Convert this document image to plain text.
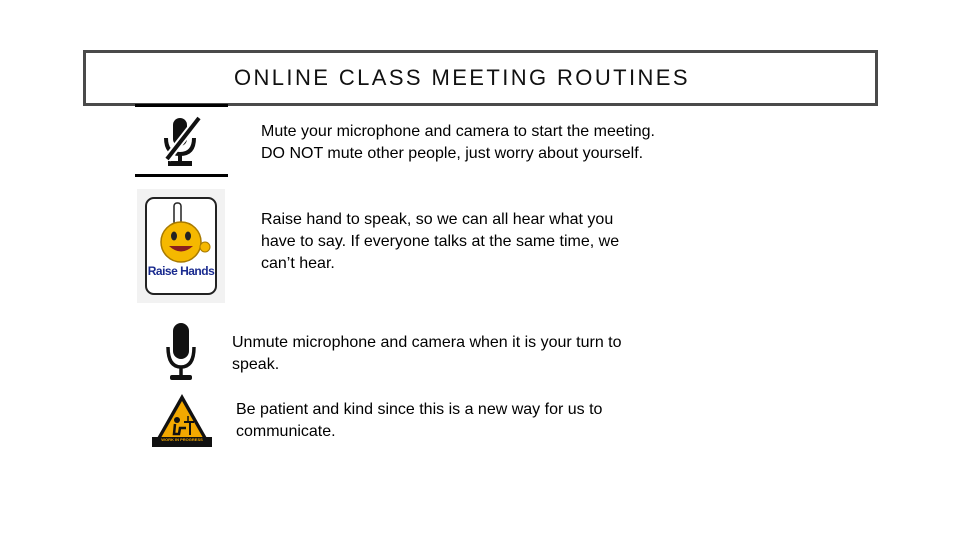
ONLINE CLASS MEETING ROUTINES
Mute your microphone and camera to start the meeting.
DO NOT mute other people, just worry about yourself.
Raise Hands
Raise hand to speak, so we can all hear what you
have to say. If everyone talks at the same time, we
can’t hear.
Unmute microphone and camera when it is your turn to
speak.
WORK IN PROGRESS
Be patient and kind since this is a new way for us to
communicate.
